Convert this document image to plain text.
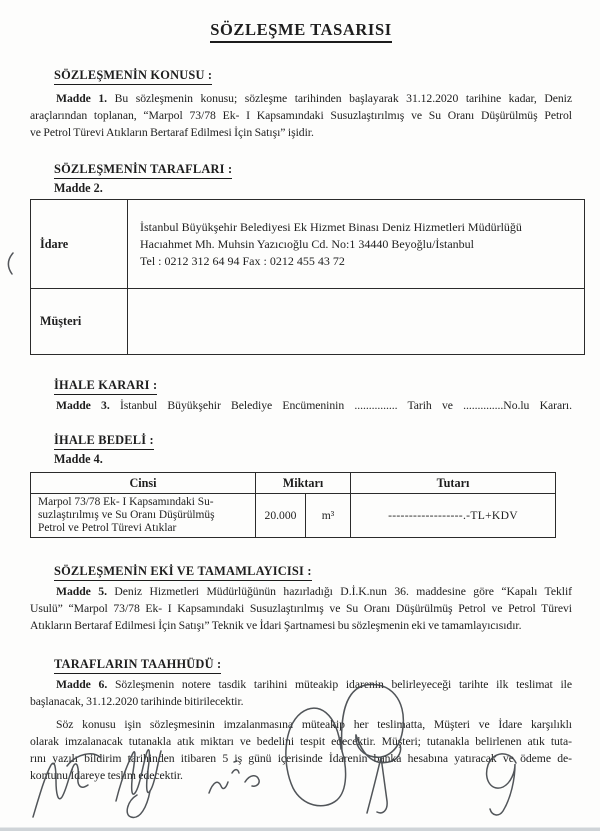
SÖZLEŞME TASARISI
SÖZLEŞMENİN KONUSU :
Madde 1. Bu sözleşmenin konusu; sözleşme tarihinden başlayarak 31.12.2020 tarihine kadar, Deniz
araçlarından toplanan, “Marpol 73/78 Ek- I Kapsamındaki Susuzlaştırılmış ve Su Oranı Düşürülmüş Petrol
ve Petrol Türevi Atıkların Bertaraf Edilmesi İçin Satışı” işidir.
SÖZLEŞMENİN TARAFLARI :
Madde 2.
İdare	İstanbul Büyükşehir Belediyesi Ek Hizmet Binası Deniz Hizmetleri Müdürlüğü
Hacıahmet Mh. Muhsin Yazıcıoğlu Cd. No:1 34440 Beyoğlu/İstanbul
Tel : 0212 312 64 94 Fax : 0212 455 43 72

Müşteri	
İHALE KARARI :
Madde 3. İstanbul Büyükşehir Belediye Encümeninin ............... Tarih ve ..............No.lu Kararı.
İHALE BEDELİ :
Madde 4.
Cinsi	Miktarı		Tutarı

Marpol 73/78 Ek- I Kapsamındaki Su-
suzlaştırılmış ve Su Oranı Düşürülmüş
Petrol ve Petrol Türevi Atıklar	20.000	m³	------------------.-TL+KDV
SÖZLEŞMENİN EKİ VE TAMAMLAYICISI :
Madde 5. Deniz Hizmetleri Müdürlüğünün hazırladığı D.İ.K.nun 36. maddesine göre “Kapalı Teklif
Usulü” “Marpol 73/78 Ek- I Kapsamındaki Susuzlaştırılmış ve Su Oranı Düşürülmüş Petrol ve Petrol Türevi
Atıkların Bertaraf Edilmesi İçin Satışı” Teknik ve İdari Şartnamesi bu sözleşmenin eki ve tamamlayıcısıdır.
TARAFLARIN TAAHHÜDÜ :
Madde 6. Sözleşmenin notere tasdik tarihini müteakip idarenin belirleyeceği tarihte ilk teslimat ile
başlanacak, 31.12.2020 tarihinde bitirilecektir.
Söz konusu işin sözleşmesinin imzalanmasına müteakip her teslimatta, Müşteri ve İdare karşılıklı
olarak imzalanacak tutanakla atık miktarı ve bedelini tespit edecektir. Müşteri; tutanakla belirlenen atık tuta-
rını yazılı bildirim tarihinden itibaren 5 iş günü içerisinde İdarenin banka hesabına yatıracak ve ödeme de-
kontunu İdareye teslim edecektir.
